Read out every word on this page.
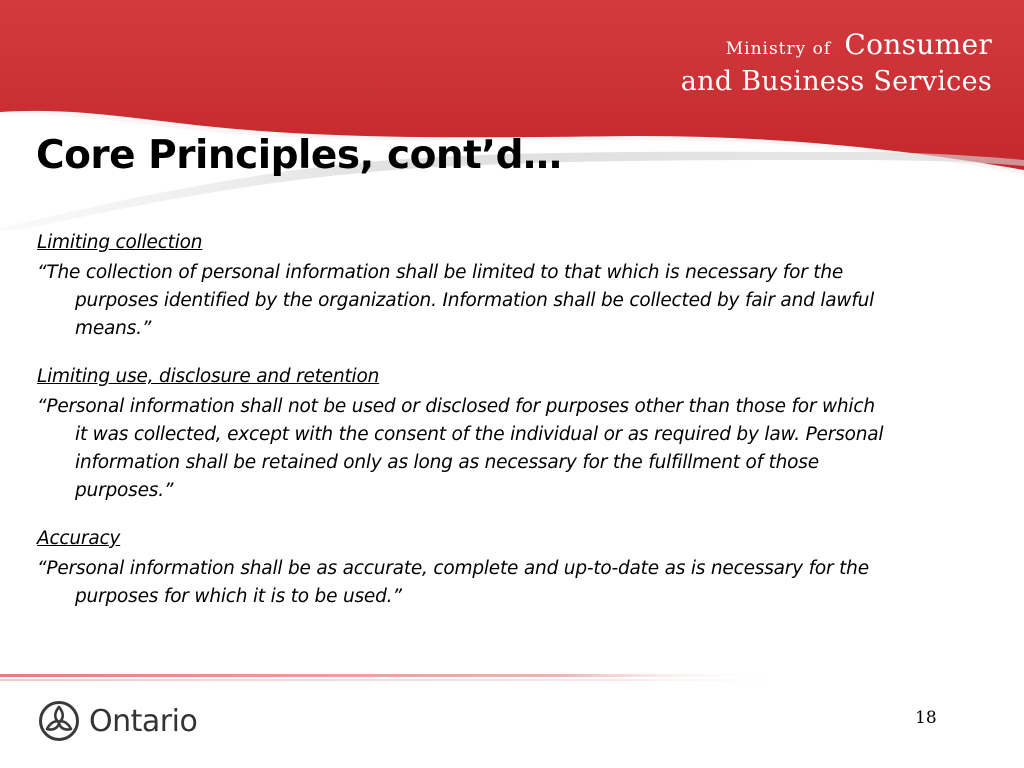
Ministry of Consumer
and Business Services
Core Principles, cont’d…
Limiting collection
“The collection of personal information shall be limited to that which is necessary for the purposes identified by the organization. Information shall be collected by fair and lawful means.”
Limiting use, disclosure and retention
“Personal information shall not be used or disclosed for purposes other than those for which it was collected, except with the consent of the individual or as required by law. Personal information shall be retained only as long as necessary for the fulfillment of those purposes.”
Accuracy
“Personal information shall be as accurate, complete and up-to-date as is necessary for the purposes for which it is to be used.”
Ontario	18
